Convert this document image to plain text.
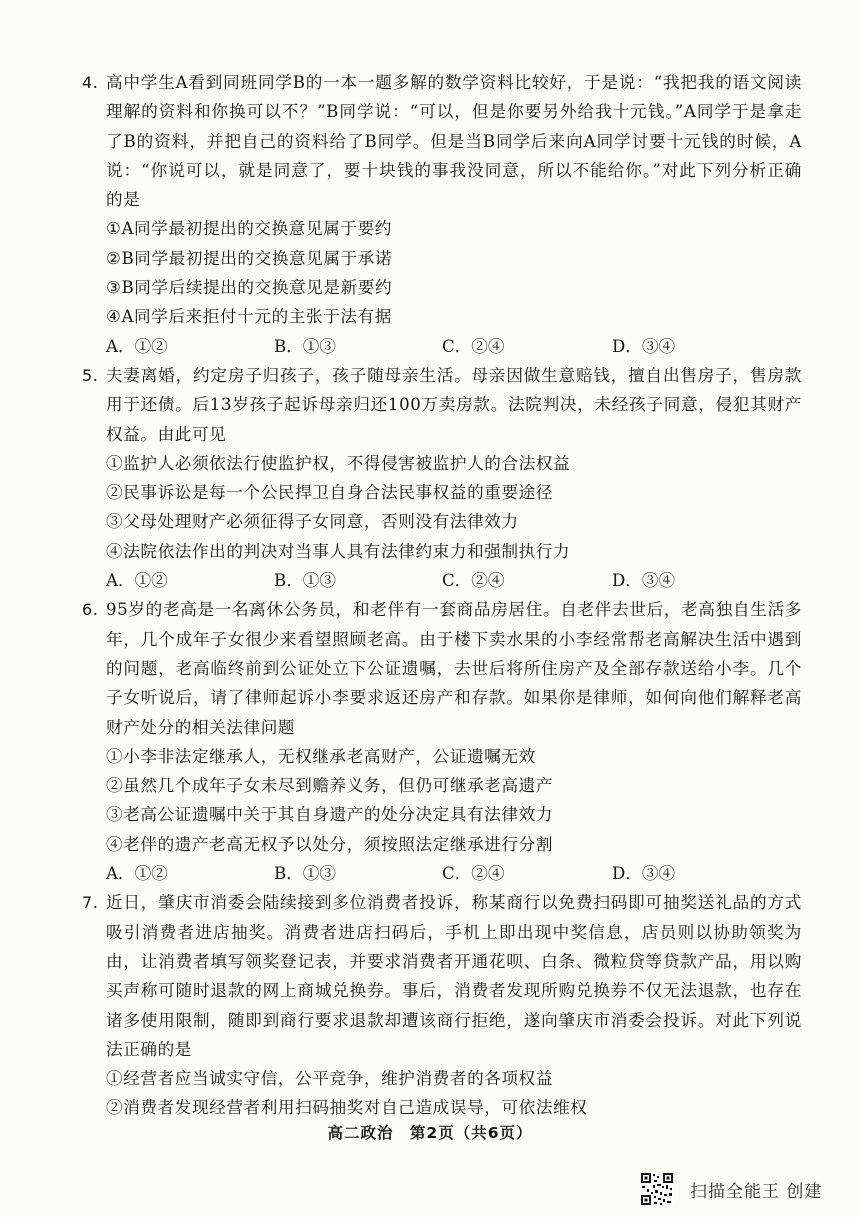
4. 高中学生A看到同班同学B的一本一题多解的数学资料比较好，于是说：“我把我的语文阅读理解的资料和你换可以不？”B同学说：“可以，但是你要另外给我十元钱。”A同学于是拿走了B的资料，并把自己的资料给了B同学。但是当B同学后来向A同学讨要十元钱的时候，A说：“你说可以，就是同意了，要十块钱的事我没同意，所以不能给你。”对此下列分析正确的是

①A同学最初提出的交换意见属于要约

②B同学最初提出的交换意见属于承诺

③B同学后续提出的交换意见是新要约

④A同学后来拒付十元的主张于法有据

A．①②	B．①③	C．②④	D．③④

5. 夫妻离婚，约定房子归孩子，孩子随母亲生活。母亲因做生意赔钱，擅自出售房子，售房款用于还债。后13岁孩子起诉母亲归还100万卖房款。法院判决，未经孩子同意，侵犯其财产权益。由此可见

①监护人必须依法行使监护权，不得侵害被监护人的合法权益

②民事诉讼是每一个公民捍卫自身合法民事权益的重要途径

③父母处理财产必须征得子女同意，否则没有法律效力

④法院依法作出的判决对当事人具有法律约束力和强制执行力

A．①②	B．①③	C．②④	D．③④

6. 95岁的老高是一名离休公务员，和老伴有一套商品房居住。自老伴去世后，老高独自生活多年，几个成年子女很少来看望照顾老高。由于楼下卖水果的小李经常帮老高解决生活中遇到的问题，老高临终前到公证处立下公证遗嘱，去世后将所住房产及全部存款送给小李。几个子女听说后，请了律师起诉小李要求返还房产和存款。如果你是律师，如何向他们解释老高财产处分的相关法律问题

①小李非法定继承人，无权继承老高财产，公证遗嘱无效

②虽然几个成年子女未尽到赡养义务，但仍可继承老高遗产

③老高公证遗嘱中关于其自身遗产的处分决定具有法律效力

④老伴的遗产老高无权予以处分，须按照法定继承进行分割

A．①②	B．①③	C．②④	D．③④

7. 近日，肇庆市消委会陆续接到多位消费者投诉，称某商行以免费扫码即可抽奖送礼品的方式吸引消费者进店抽奖。消费者进店扫码后，手机上即出现中奖信息，店员则以协助领奖为由，让消费者填写领奖登记表，并要求消费者开通花呗、白条、微粒贷等贷款产品，用以购买声称可随时退款的网上商城兑换券。事后，消费者发现所购兑换券不仅无法退款，也存在诸多使用限制，随即到商行要求退款却遭该商行拒绝，遂向肇庆市消委会投诉。对此下列说法正确的是

①经营者应当诚实守信，公平竞争，维护消费者的各项权益

②消费者发现经营者利用扫码抽奖对自己造成误导，可依法维权

高二政治 第2页（共6页）
扫描全能王 创建
